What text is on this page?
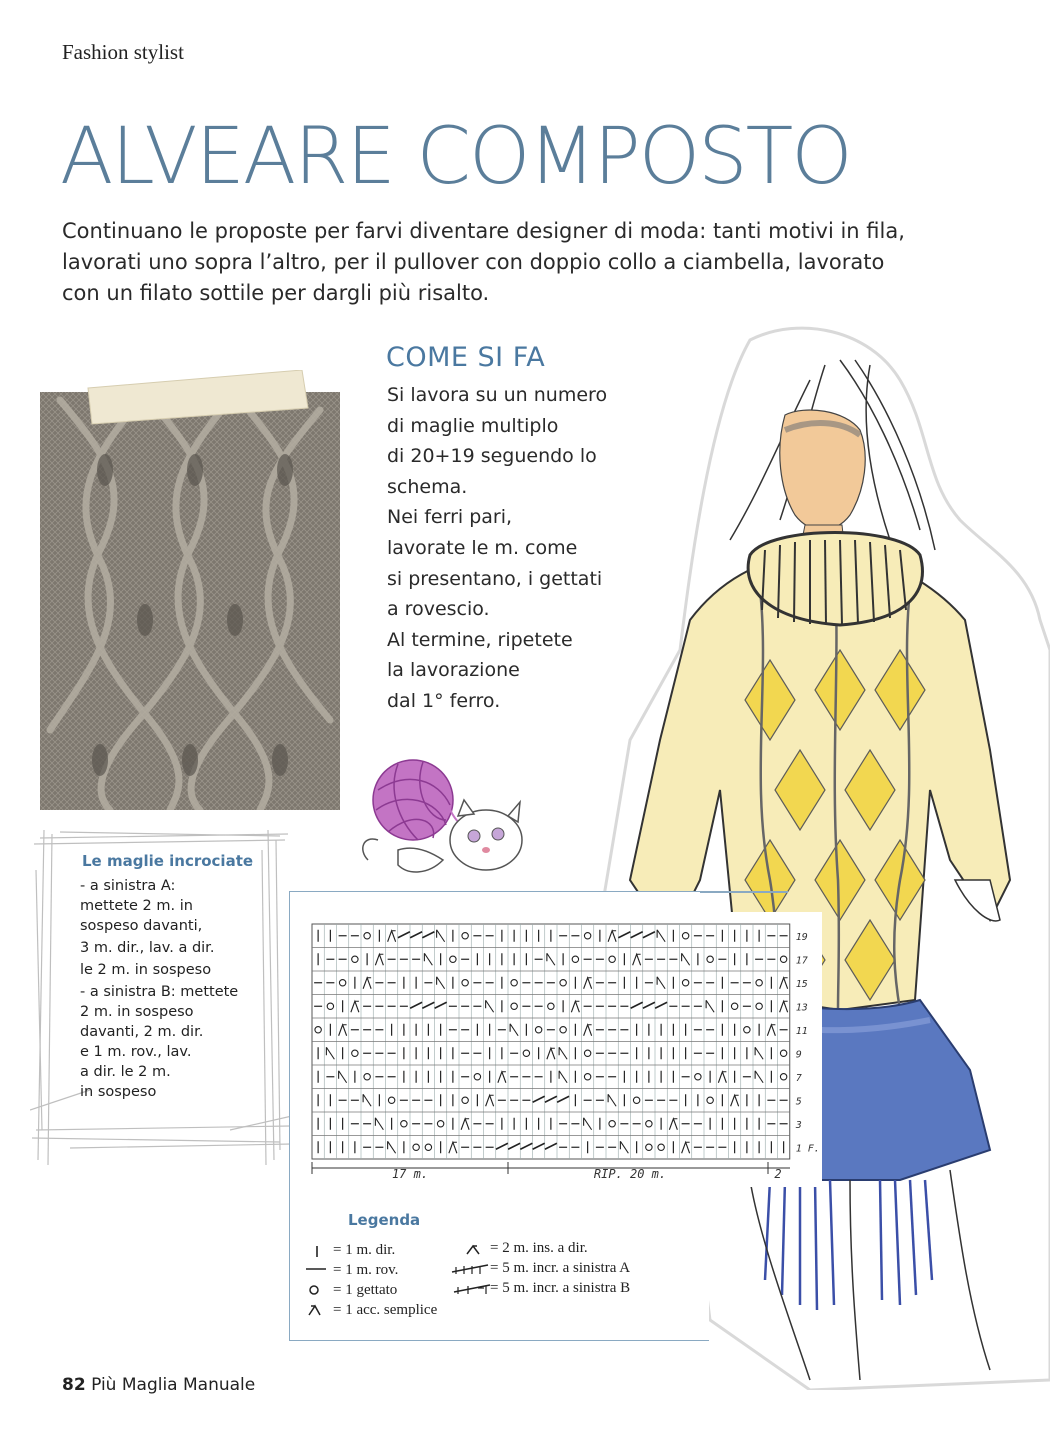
Fashion stylist
ALVEARE COMPOSTO
Continuano le proposte per farvi diventare designer di moda: tanti motivi in fila,
lavorati uno sopra l’altro, per il pullover con doppio collo a ciambella, lavorato
con un filato sottile per dargli più risalto.
COME SI FA
Si lavora su un numero
di maglie multiplo
di 20+19 seguendo lo
schema.
Nei ferri pari,
lavorate le m. come
si presentano, i gettati
a rovescio.
Al termine, ripetete
la lavorazione
dal 1° ferro.
Le maglie incrociate
- a sinistra A:
mettete 2 m. in
sospeso davanti,
3 m. dir., lav. a dir.
le 2 m. in sospeso
- a sinistra B: mettete
2 m. in sospeso
davanti, 2 m. dir.
e 1 m. rov., lav.
a dir. le 2 m.
in sospeso
19
17
15
13
11
9
7
5
3
1 F.
17 m.	RIP. 20 m.	2
Legenda
= 1 m. dir.
= 1 m. rov.
= 1 gettato
= 1 acc. semplice
= 2 m. ins. a dir.
= 5 m. incr. a sinistra A
= 5 m. incr. a sinistra B
82 Più Maglia Manuale
